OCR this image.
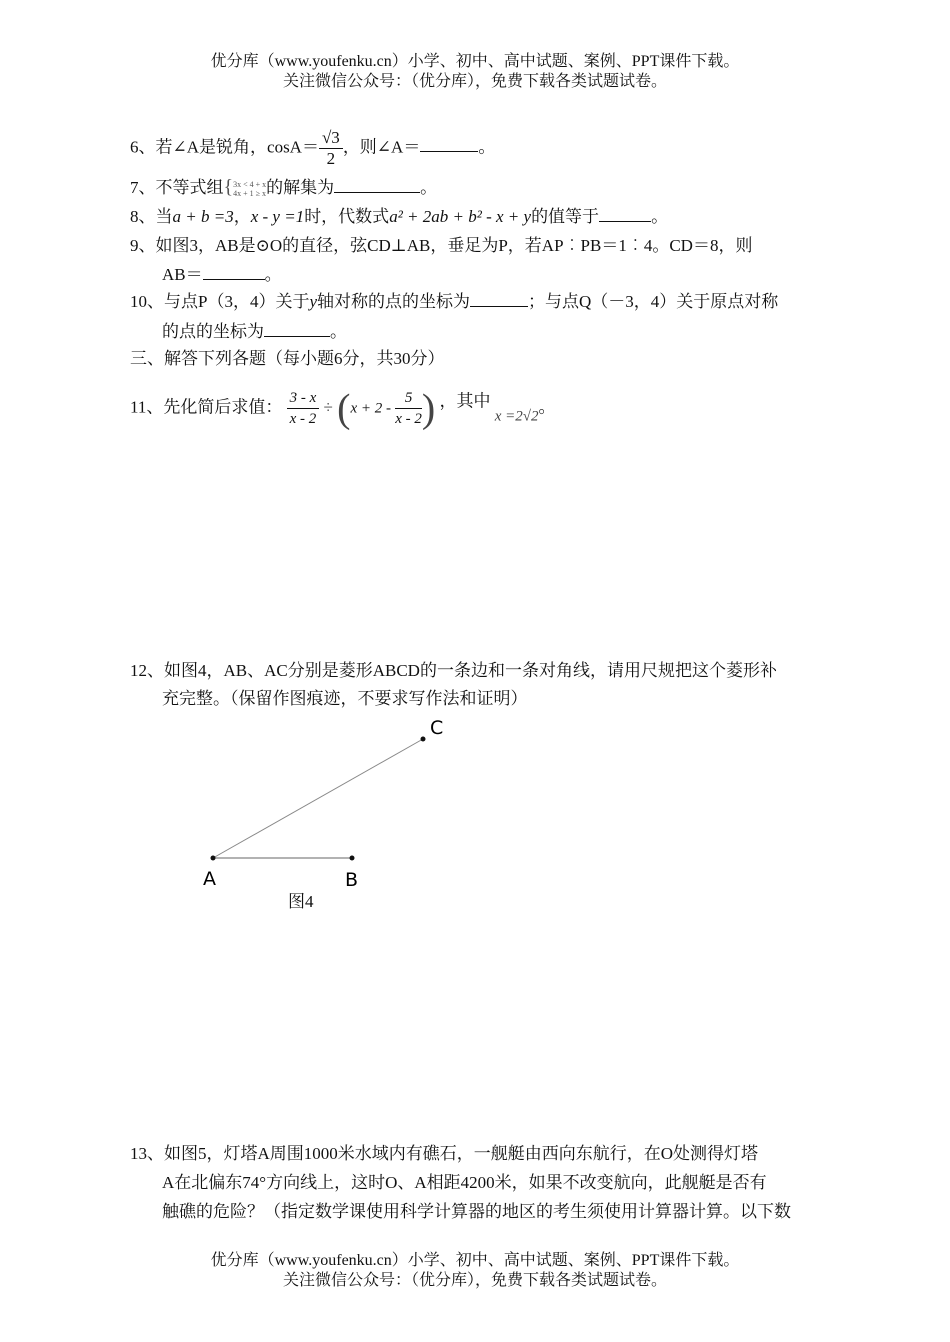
优分库（www.youfenku.cn）小学、初中、高中试题、案例、PPT课件下载。
关注微信公众号：（优分库），免费下载各类试题试卷。
6、若∠A是锐角，$\cos A= \frac{√3}{2}$ ，则∠A＝	。
7、不等式组{ 3x < 4 + x
4x + 1 ≥ x 的解集为	。
8、当a + b =3，x - y =1时，代数式a² + 2ab + b² - x + y的值等于	。
9、如图3，AB是⊙O的直径，弦CD⊥AB，垂足为P，若AP︰PB＝1︰4。CD＝8，则
AB＝	。
10、与点P（3，4）关于y轴对称的点的坐标为	；与点Q（－3，4）关于原点对称
的点的坐标为	。
三、解答下列各题（每小题6分，共30分）
11、先化简后求值： $\frac{3 - x}{x - 2} \div (x + 2 - \frac{5}{x - 2}$ ) ，其中 x =2√2。
12、如图4，AB、AC分别是菱形ABCD的一条边和一条对角线，请用尺规把这个菱形补
充完整。（保留作图痕迹，不要求写作法和证明）
A	B
C
图4
13、如图5，灯塔A周围1000米水域内有礁石，一舰艇由西向东航行，在O处测得灯塔
A在北偏东74°方向线上，这时O、A相距4200米，如果不改变航向，此舰艇是否有
触礁的危险？（指定数学课使用科学计算器的地区的考生须使用计算器计算。以下数
优分库（www.youfenku.cn）小学、初中、高中试题、案例、PPT课件下载。
关注微信公众号：（优分库），免费下载各类试题试卷。
